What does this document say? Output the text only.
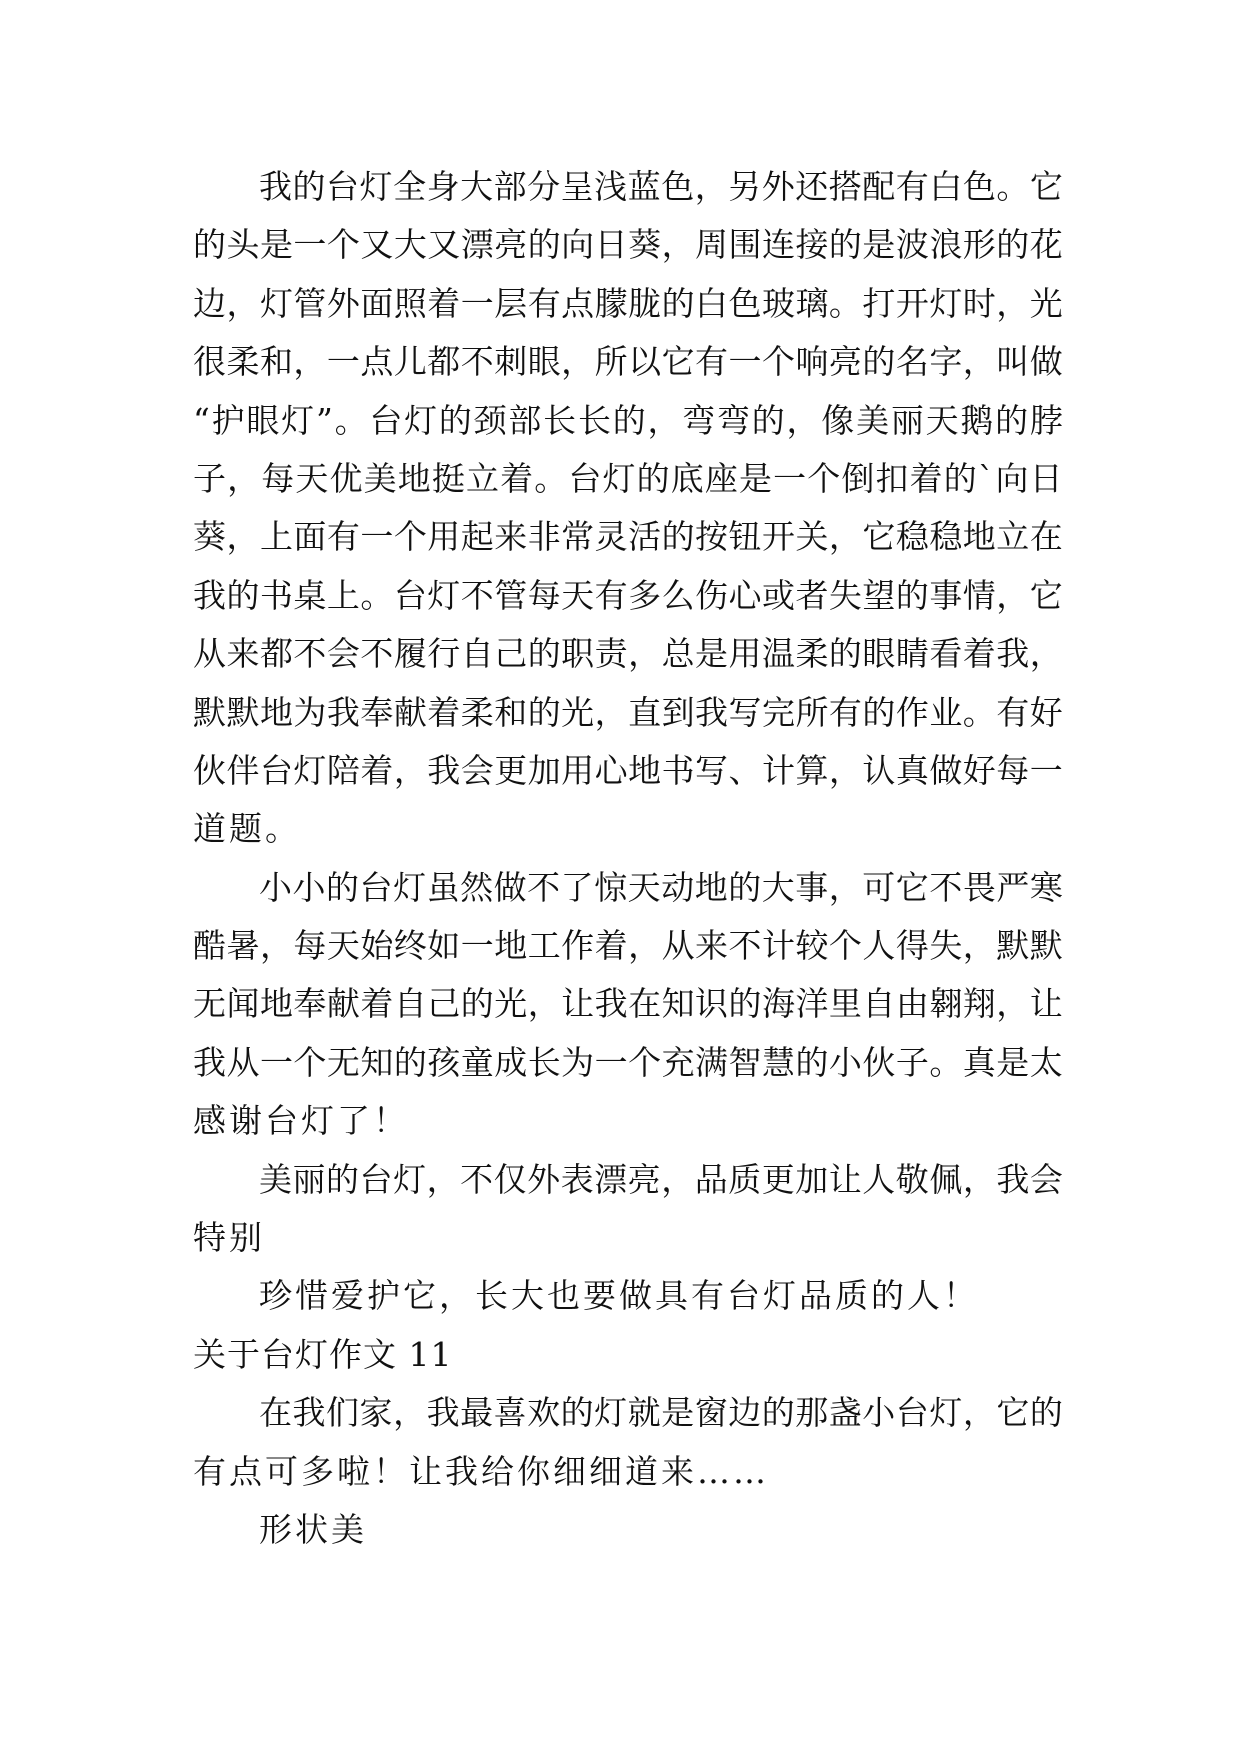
我 的 台 灯 全 身 大 部 分 呈 浅 蓝 色 ， 另 外 还 搭 配 有 白 色 。 它
的 头 是 一 个 又 大 又 漂 亮 的 向 日 葵 ， 周 围 连 接 的 是 波 浪 形 的 花
边 ， 灯 管 外 面 照 着 一 层 有 点 朦 胧 的 白 色 玻 璃 。 打 开 灯 时 ， 光
很 柔 和 ， 一 点 儿 都 不 刺 眼 ， 所 以 它 有 一 个 响 亮 的 名 字 ， 叫 做
“ 护 眼 灯 ” 。 台 灯 的 颈 部 长 长 的 ， 弯 弯 的 ， 像 美 丽 天 鹅 的 脖
子 ， 每 天 优 美 地 挺 立 着 。 台 灯 的 底 座 是 一 个 倒 扣 着 的 ` 向 日
葵 ， 上 面 有 一 个 用 起 来 非 常 灵 活 的 按 钮 开 关 ， 它 稳 稳 地 立 在
我 的 书 桌 上 。 台 灯 不 管 每 天 有 多 么 伤 心 或 者 失 望 的 事 情 ， 它
从 来 都 不 会 不 履 行 自 己 的 职 责 ， 总 是 用 温 柔 的 眼 睛 看 着 我 ，
默 默 地 为 我 奉 献 着 柔 和 的 光 ， 直 到 我 写 完 所 有 的 作 业 。 有 好
伙 伴 台 灯 陪 着 ， 我 会 更 加 用 心 地 书 写 、 计 算 ， 认 真 做 好 每 一
道题。
小 小 的 台 灯 虽 然 做 不 了 惊 天 动 地 的 大 事 ， 可 它 不 畏 严 寒
酷 暑 ， 每 天 始 终 如 一 地 工 作 着 ， 从 来 不 计 较 个 人 得 失 ， 默 默
无 闻 地 奉 献 着 自 己 的 光 ， 让 我 在 知 识 的 海 洋 里 自 由 翱 翔 ， 让
我 从 一 个 无 知 的 孩 童 成 长 为 一 个 充 满 智 慧 的 小 伙 子 。 真 是 太
感谢台灯了！
美 丽 的 台 灯 ， 不 仅 外 表 漂 亮 ， 品 质 更 加 让 人 敬 佩 ， 我 会
特别
珍惜爱护它，长大也要做具有台灯品质的人！
关于台灯作文 11
在 我 们 家 ， 我 最 喜 欢 的 灯 就 是 窗 边 的 那 盏 小 台 灯 ， 它 的
有点可多啦！让我给你细细道来……
形状美
